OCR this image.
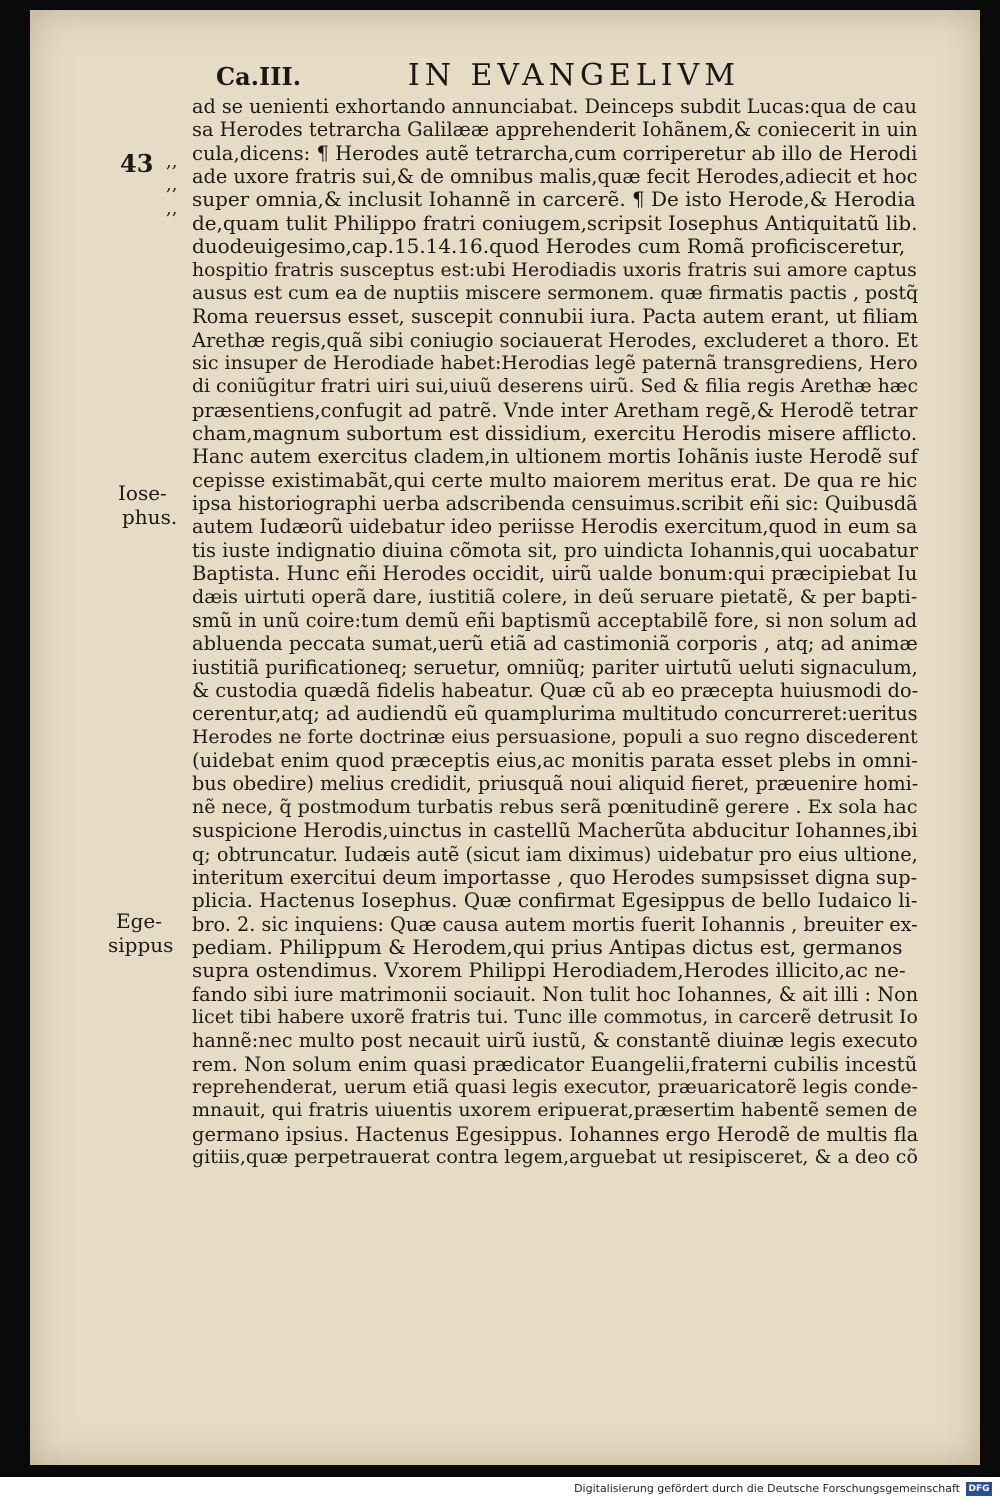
Ca.III.	IN EVANGELIVM
43 ,,
,,
,,
Iose-
phus.
Ege-
sippus
ad se uenienti exhortando annunciabat. Deinceps subdit Lucas:qua de cau
sa Herodes tetrarcha Galilææ apprehenderit Iohãnem,& coniecerit in uin
cula,dicens: ¶ Herodes autẽ tetrarcha,cum corriperetur ab illo de Herodi
ade uxore fratris sui,& de omnibus malis,quæ fecit Herodes,adiecit et hoc
super omnia,& inclusit Iohannẽ in carcerẽ. ¶ De isto Herode,& Herodia
de,quam tulit Philippo fratri coniugem,scripsit Iosephus Antiquitatũ lib.
duodeuigesimo,cap.15.14.16.quod Herodes cum Romã proficisceretur,
hospitio fratris susceptus est:ubi Herodiadis uxoris fratris sui amore captus
ausus est cum ea de nuptiis miscere sermonem. quæ firmatis pactis , postq̃
Roma reuersus esset, suscepit connubii iura. Pacta autem erant, ut filiam
Arethæ regis,quã sibi coniugio sociauerat Herodes, excluderet a thoro. Et
sic insuper de Herodiade habet:Herodias legẽ paternã transgrediens, Hero
di coniũgitur fratri uiri sui,uiuũ deserens uirũ. Sed & filia regis Arethæ hæc
præsentiens,confugit ad patrẽ. Vnde inter Aretham regẽ,& Herodẽ tetrar
cham,magnum subortum est dissidium, exercitu Herodis misere afflicto.
Hanc autem exercitus cladem,in ultionem mortis Iohãnis iuste Herodẽ suf
cepisse existimabãt,qui certe multo maiorem meritus erat. De qua re hic
ipsa historiographi uerba adscribenda censuimus.scribit eñi sic: Quibusdã
autem Iudæorũ uidebatur ideo periisse Herodis exercitum,quod in eum sa
tis iuste indignatio diuina cõmota sit, pro uindicta Iohannis,qui uocabatur
Baptista. Hunc eñi Herodes occidit, uirũ ualde bonum:qui præcipiebat Iu
dæis uirtuti operã dare, iustitiã colere, in deũ seruare pietatẽ, & per bapti-
smũ in unũ coire:tum demũ eñi baptismũ acceptabilẽ fore, si non solum ad
abluenda peccata sumat,uerũ etiã ad castimoniã corporis , atq; ad animæ
iustitiã purificationeq; seruetur, omniũq; pariter uirtutũ ueluti signaculum,
& custodia quædã fidelis habeatur. Quæ cũ ab eo præcepta huiusmodi do-
cerentur,atq; ad audiendũ eũ quamplurima multitudo concurreret:ueritus
Herodes ne forte doctrinæ eius persuasione, populi a suo regno discederent
(uidebat enim quod præceptis eius,ac monitis parata esset plebs in omni-
bus obedire) melius credidit, priusquã noui aliquid fieret, præuenire homi-
nẽ nece, q̃ postmodum turbatis rebus serã pœnitudinẽ gerere . Ex sola hac
suspicione Herodis,uinctus in castellũ Macherũta abducitur Iohannes,ibi
q; obtruncatur. Iudæis autẽ (sicut iam diximus) uidebatur pro eius ultione,
interitum exercitui deum importasse , quo Herodes sumpsisset digna sup-
plicia. Hactenus Iosephus. Quæ confirmat Egesippus de bello Iudaico li-
bro. 2. sic inquiens: Quæ causa autem mortis fuerit Iohannis , breuiter ex-
pediam. Philippum & Herodem,qui prius Antipas dictus est, germanos
supra ostendimus. Vxorem Philippi Herodiadem,Herodes illicito,ac ne-
fando sibi iure matrimonii sociauit. Non tulit hoc Iohannes, & ait illi : Non
licet tibi habere uxorẽ fratris tui. Tunc ille commotus, in carcerẽ detrusit Io
hannẽ:nec multo post necauit uirũ iustũ, & constantẽ diuinæ legis executo
rem. Non solum enim quasi prædicator Euangelii,fraterni cubilis incestũ
reprehenderat, uerum etiã quasi legis executor, præuaricatorẽ legis conde-
mnauit, qui fratris uiuentis uxorem eripuerat,præsertim habentẽ semen de
germano ipsius. Hactenus Egesippus. Iohannes ergo Herodẽ de multis fla
gitiis,quæ perpetrauerat contra legem,arguebat ut resipisceret, & a deo cõ
Digitalisierung gefördert durch die Deutsche Forschungsgemeinschaft DFG
